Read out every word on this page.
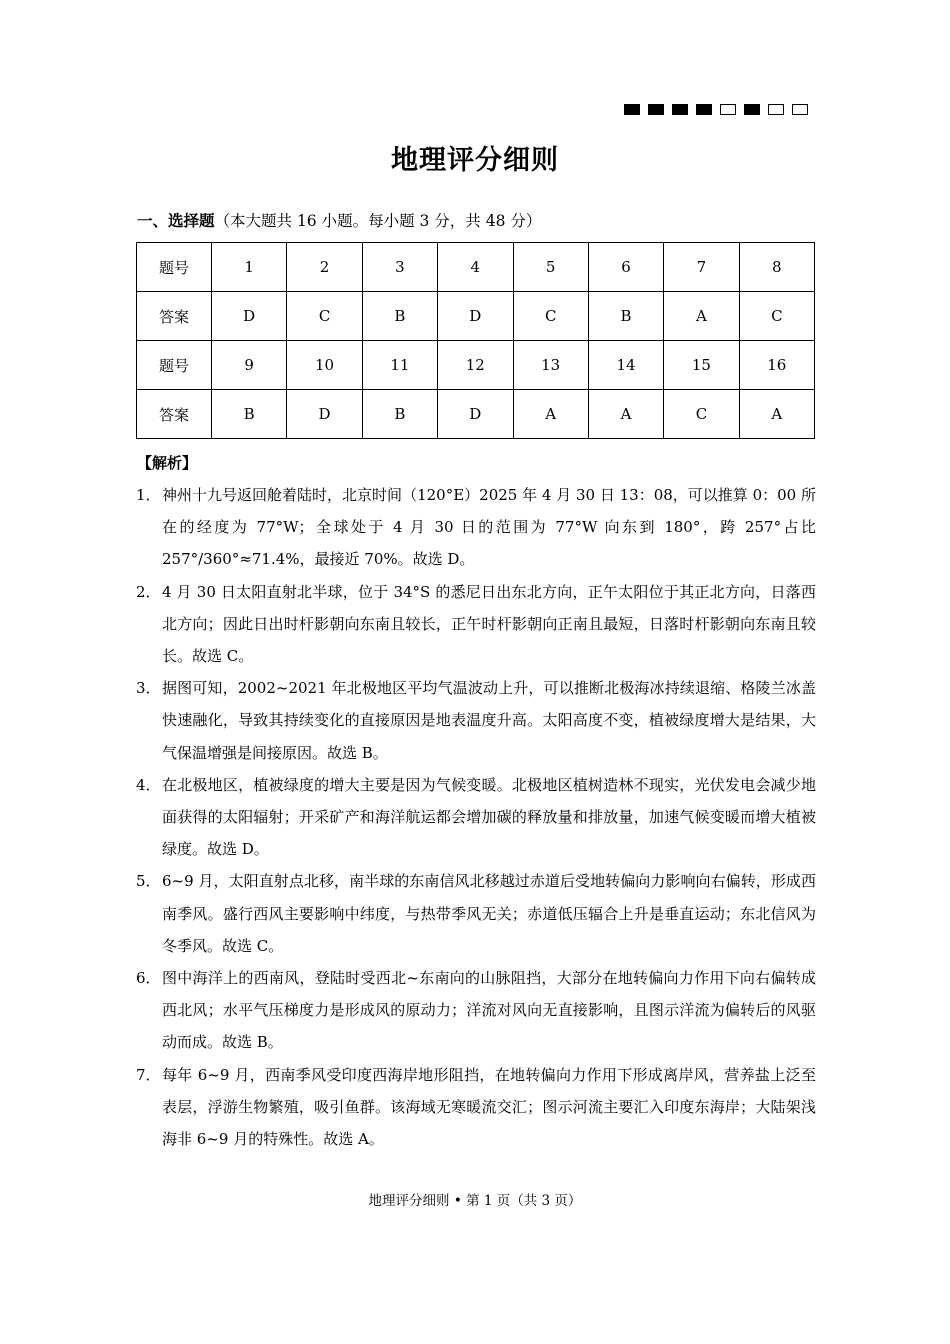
地理评分细则
一、选择题（本大题共 16 小题。每小题 3 分，共 48 分）
题号	1	2	3	4	5	6	7	8
答案	D	C	B	D	C	B	A	C
题号	9	10	11	12	13	14	15	16
答案	B	D	B	D	A	A	C	A
【解析】
1． 神州十九号返回舱着陆时，北京时间（120°E）2025 年 4 月 30 日 13：08，可以推算 0：00 所在的经度为 77°W；全球处于 4 月 30 日的范围为 77°W 向东到 180°，跨 257°占比 257°/360°≈71.4%，最接近 70%。故选 D。
2． 4 月 30 日太阳直射北半球，位于 34°S 的悉尼日出东北方向，正午太阳位于其正北方向，日落西北方向；因此日出时杆影朝向东南且较长，正午时杆影朝向正南且最短，日落时杆影朝向东南且较长。故选 C。
3． 据图可知，2002~2021 年北极地区平均气温波动上升，可以推断北极海冰持续退缩、格陵兰冰盖快速融化，导致其持续变化的直接原因是地表温度升高。太阳高度不变，植被绿度增大是结果，大气保温增强是间接原因。故选 B。
4． 在北极地区，植被绿度的增大主要是因为气候变暖。北极地区植树造林不现实，光伏发电会减少地面获得的太阳辐射；开采矿产和海洋航运都会增加碳的释放量和排放量，加速气候变暖而增大植被绿度。故选 D。
5． 6~9 月，太阳直射点北移，南半球的东南信风北移越过赤道后受地转偏向力影响向右偏转，形成西南季风。盛行西风主要影响中纬度，与热带季风无关；赤道低压辐合上升是垂直运动；东北信风为冬季风。故选 C。
6． 图中海洋上的西南风，登陆时受西北~东南向的山脉阻挡，大部分在地转偏向力作用下向右偏转成西北风；水平气压梯度力是形成风的原动力；洋流对风向无直接影响，且图示洋流为偏转后的风驱动而成。故选 B。
7． 每年 6~9 月，西南季风受印度西海岸地形阻挡，在地转偏向力作用下形成离岸风，营养盐上泛至表层，浮游生物繁殖，吸引鱼群。该海域无寒暖流交汇；图示河流主要汇入印度东海岸；大陆架浅海非 6~9 月的特殊性。故选 A。
地理评分细则 • 第 1 页（共 3 页）
